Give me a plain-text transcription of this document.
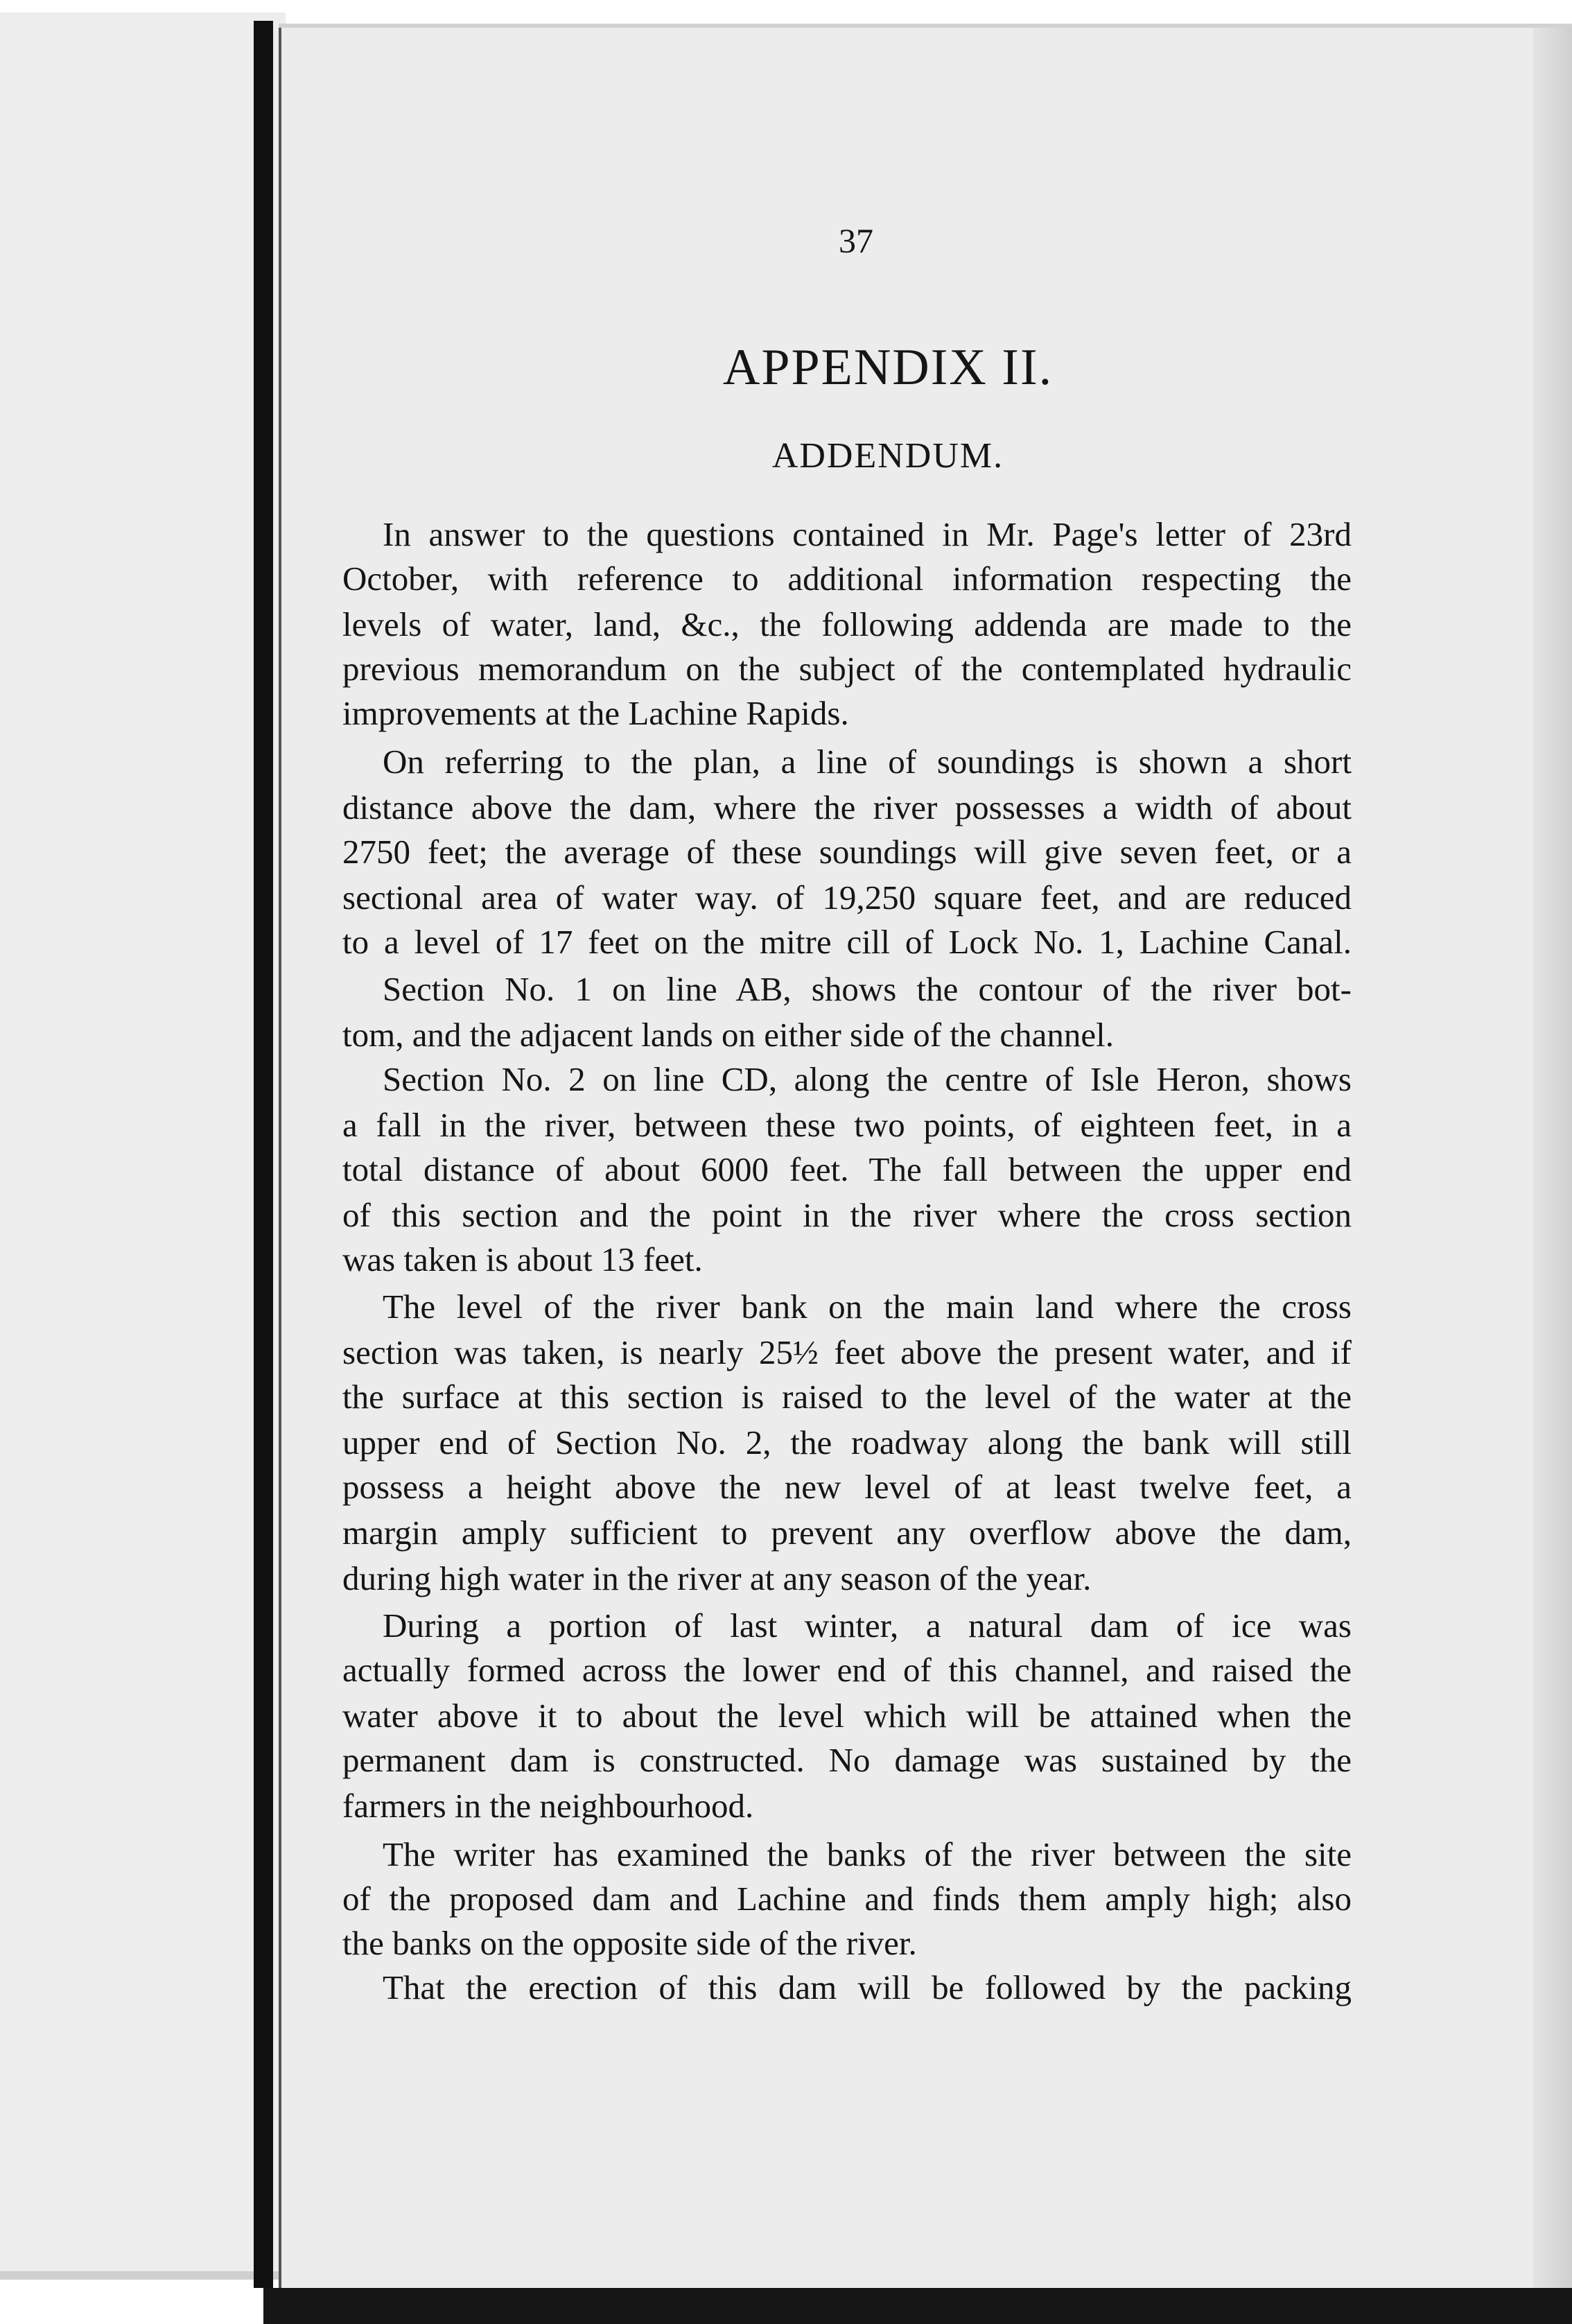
37
APPENDIX II.
ADDENDUM.
In answer to the questions contained in Mr. Page's letter of 23rd
October, with reference to additional information respecting the
levels of water, land, &c., the following addenda are made to the
previous memorandum on the subject of the contemplated hydraulic
improvements at the Lachine Rapids.
On referring to the plan, a line of soundings is shown a short
distance above the dam, where the river possesses a width of about
2750 feet; the average of these soundings will give seven feet, or a
sectional area of water way. of 19,250 square feet, and are reduced
to a level of 17 feet on the mitre cill of Lock No. 1, Lachine Canal.
Section No. 1 on line AB, shows the contour of the river bot-
tom, and the adjacent lands on either side of the channel.
Section No. 2 on line CD, along the centre of Isle Heron, shows
a fall in the river, between these two points, of eighteen feet, in a
total distance of about 6000 feet. The fall between the upper end
of this section and the point in the river where the cross section
was taken is about 13 feet.
The level of the river bank on the main land where the cross
section was taken, is nearly 25½ feet above the present water, and if
the surface at this section is raised to the level of the water at the
upper end of Section No. 2, the roadway along the bank will still
possess a height above the new level of at least twelve feet, a
margin amply sufficient to prevent any overflow above the dam,
during high water in the river at any season of the year.
During a portion of last winter, a natural dam of ice was
actually formed across the lower end of this channel, and raised the
water above it to about the level which will be attained when the
permanent dam is constructed. No damage was sustained by the
farmers in the neighbourhood.
The writer has examined the banks of the river between the site
of the proposed dam and Lachine and finds them amply high; also
the banks on the opposite side of the river.
That the erection of this dam will be followed by the packing
